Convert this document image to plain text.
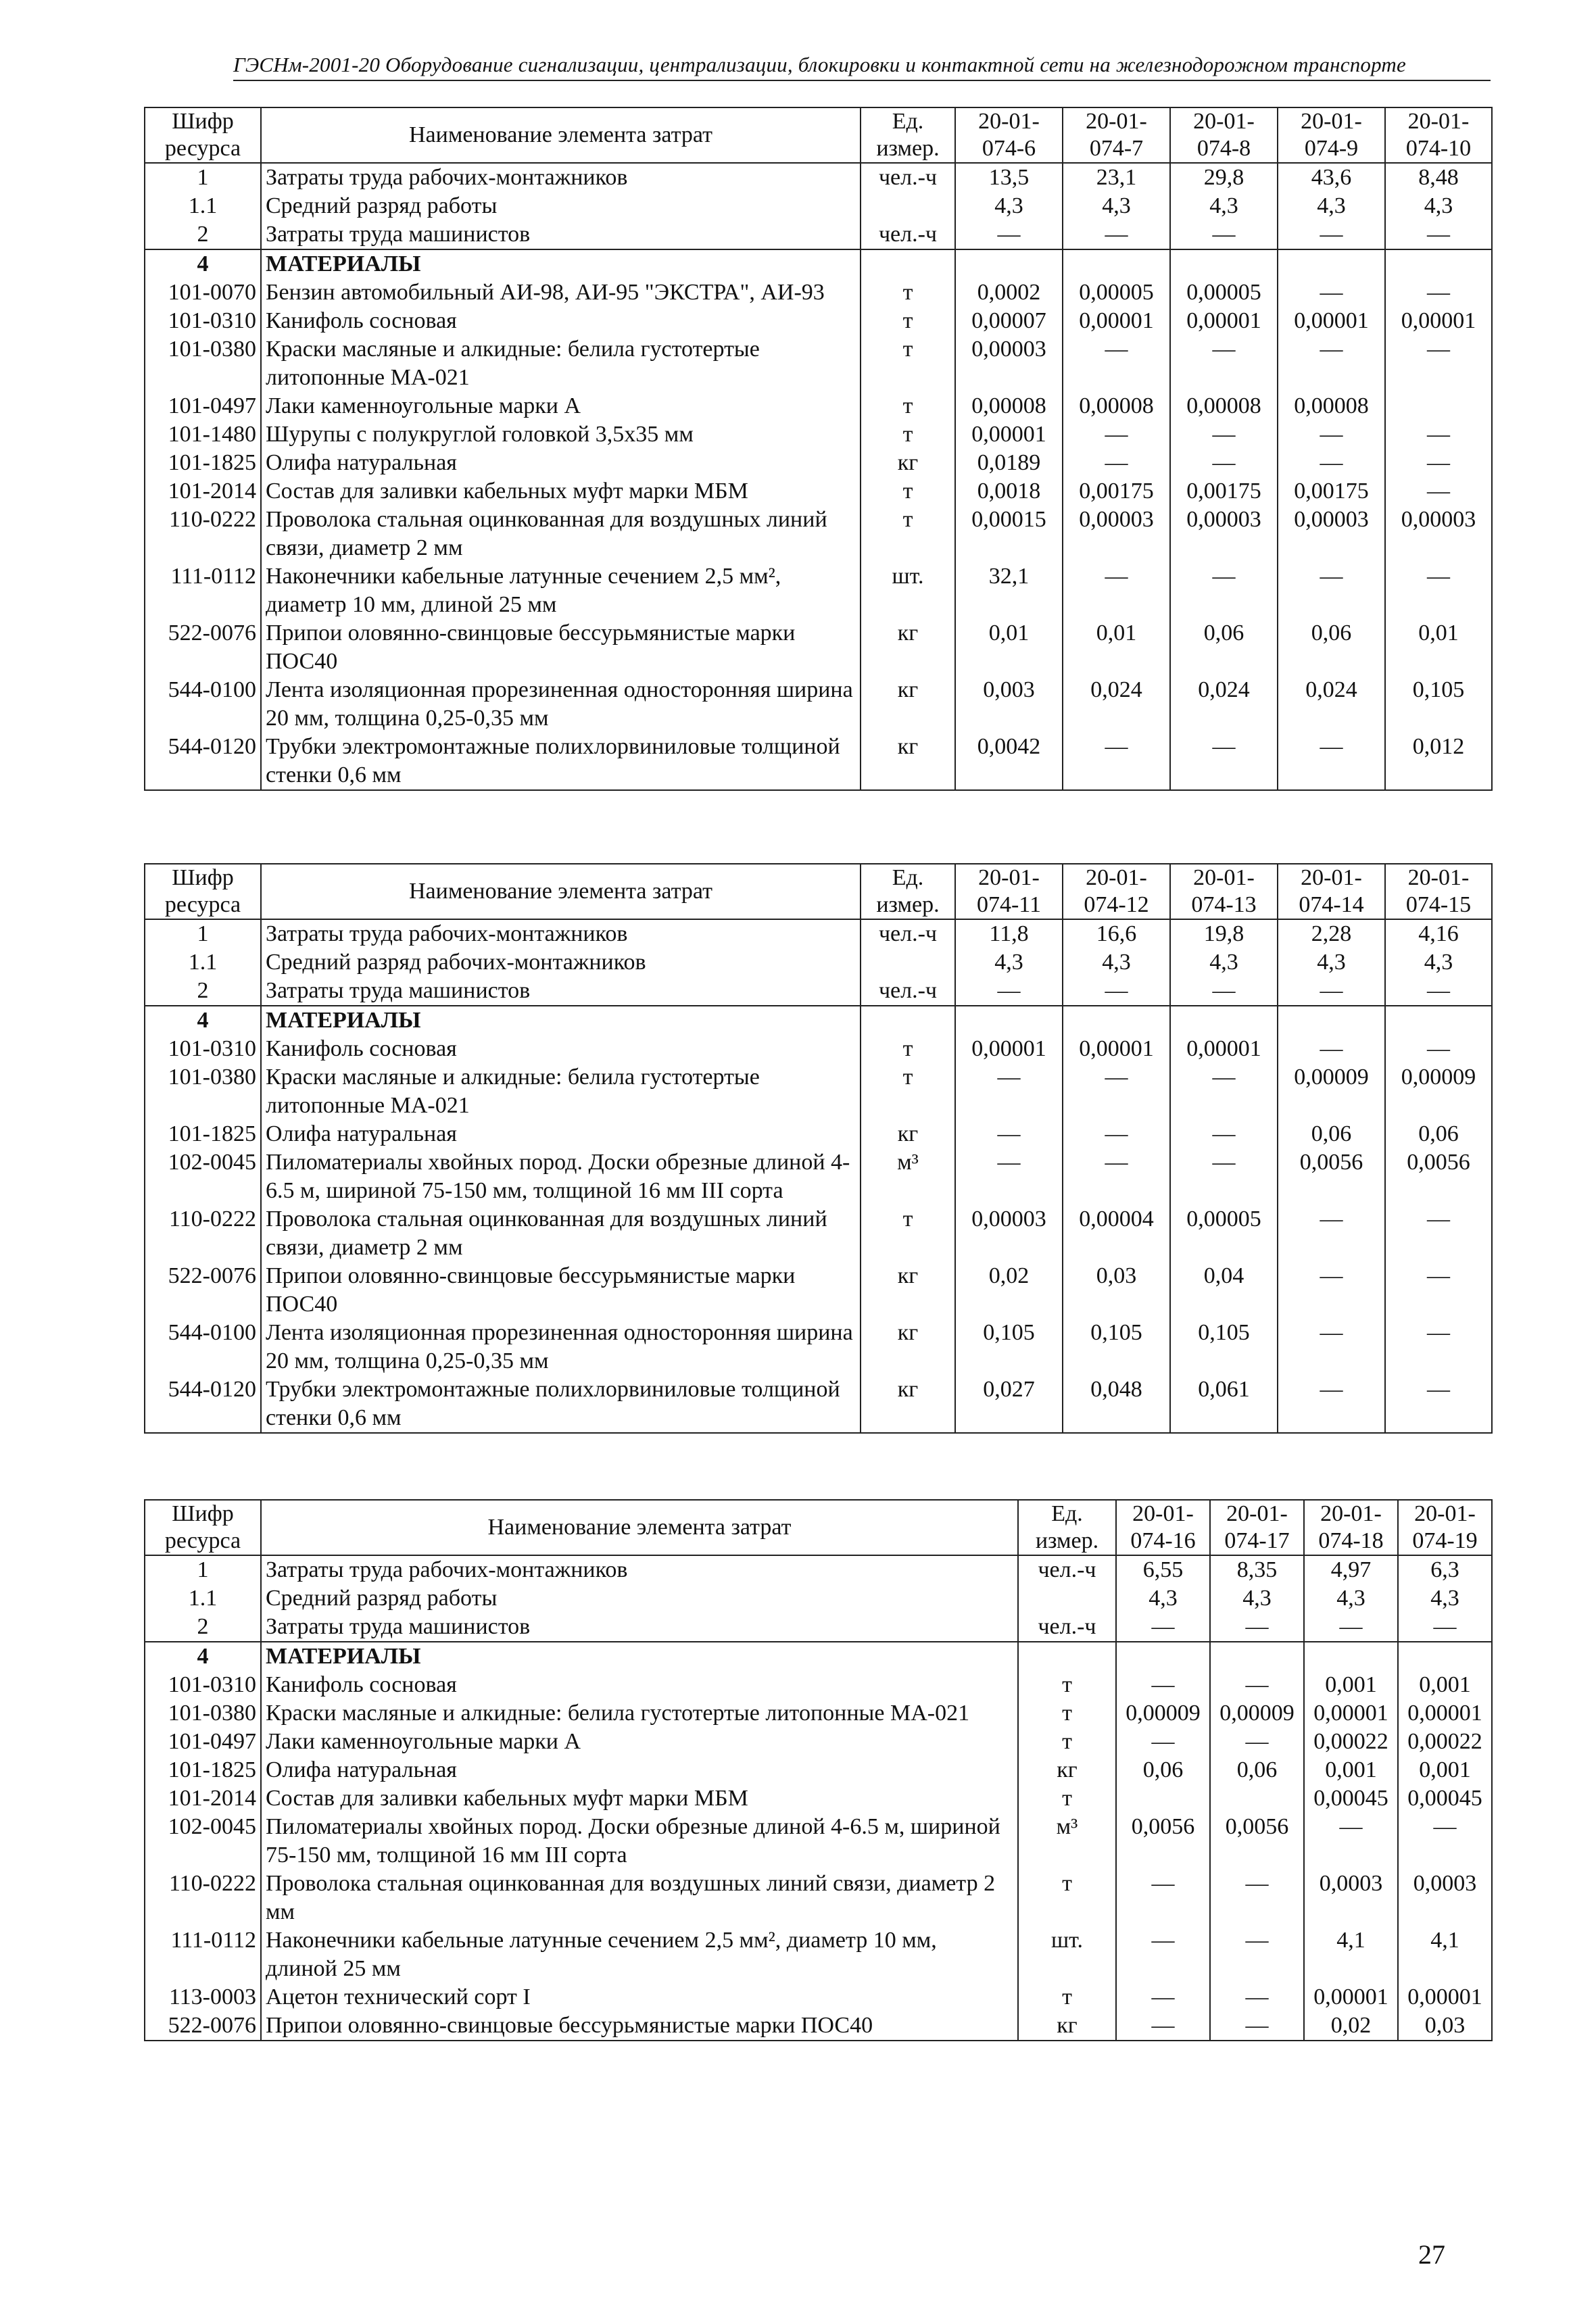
ГЭСНм-2001-20 Оборудование сигнализации, централизации, блокировки и контактной сети на железнодорожном транспорте
Шифр ресурса	Наименование элемента затрат	Ед. измер.	20-01-074-6	20-01-074-7	20-01-074-8	20-01-074-9	20-01-074-10
1	Затраты труда рабочих-монтажников	чел.-ч	13,5	23,1	29,8	43,6	8,48
1.1	Средний разряд работы		4,3	4,3	4,3	4,3	4,3
2	Затраты труда машинистов	чел.-ч	—	—	—	—	—
4	МАТЕРИАЛЫ						
101-0070	Бензин автомобильный АИ-98, АИ-95 "ЭКСТРА", АИ-93	т	0,0002	0,00005	0,00005	—	—
101-0310	Канифоль сосновая	т	0,00007	0,00001	0,00001	0,00001	0,00001
101-0380	Краски масляные и алкидные: белила густотертые литопонные МА-021	т	0,00003	—	—	—	—
101-0497	Лаки каменноугольные марки А	т	0,00008	0,00008	0,00008	0,00008	
101-1480	Шурупы с полукруглой головкой 3,5х35 мм	т	0,00001	—	—	—	—
101-1825	Олифа натуральная	кг	0,0189	—	—	—	—
101-2014	Состав для заливки кабельных муфт марки МБМ	т	0,0018	0,00175	0,00175	0,00175	—
110-0222	Проволока стальная оцинкованная для воздушных линий связи, диаметр 2 мм	т	0,00015	0,00003	0,00003	0,00003	0,00003
111-0112	Наконечники кабельные латунные сечением 2,5 мм², диаметр 10 мм, длиной 25 мм	шт.	32,1	—	—	—	—
522-0076	Припои оловянно-свинцовые бессурьмянистые марки ПОС40	кг	0,01	0,01	0,06	0,06	0,01
544-0100	Лента изоляционная прорезиненная односторонняя ширина 20 мм, толщина 0,25-0,35 мм	кг	0,003	0,024	0,024	0,024	0,105
544-0120	Трубки электромонтажные полихлорвиниловые толщиной стенки 0,6 мм	кг	0,0042	—	—	—	0,012
Шифр ресурса	Наименование элемента затрат	Ед. измер.	20-01-074-11	20-01-074-12	20-01-074-13	20-01-074-14	20-01-074-15
1	Затраты труда рабочих-монтажников	чел.-ч	11,8	16,6	19,8	2,28	4,16
1.1	Средний разряд рабочих-монтажников		4,3	4,3	4,3	4,3	4,3
2	Затраты труда машинистов	чел.-ч	—	—	—	—	—
4	МАТЕРИАЛЫ						
101-0310	Канифоль сосновая	т	0,00001	0,00001	0,00001	—	—
101-0380	Краски масляные и алкидные: белила густотертые литопонные МА-021	т	—	—	—	0,00009	0,00009
101-1825	Олифа натуральная	кг	—	—	—	0,06	0,06
102-0045	Пиломатериалы хвойных пород. Доски обрезные длиной 4-6.5 м, шириной 75-150 мм, толщиной 16 мм III сорта	м³	—	—	—	0,0056	0,0056
110-0222	Проволока стальная оцинкованная для воздушных линий связи, диаметр 2 мм	т	0,00003	0,00004	0,00005	—	—
522-0076	Припои оловянно-свинцовые бессурьмянистые марки ПОС40	кг	0,02	0,03	0,04	—	—
544-0100	Лента изоляционная прорезиненная односторонняя ширина 20 мм, толщина 0,25-0,35 мм	кг	0,105	0,105	0,105	—	—
544-0120	Трубки электромонтажные полихлорвиниловые толщиной стенки 0,6 мм	кг	0,027	0,048	0,061	—	—
Шифр ресурса	Наименование элемента затрат	Ед. измер.	20-01-074-16	20-01-074-17	20-01-074-18	20-01-074-19
1	Затраты труда рабочих-монтажников	чел.-ч	6,55	8,35	4,97	6,3
1.1	Средний разряд работы		4,3	4,3	4,3	4,3
2	Затраты труда машинистов	чел.-ч	—	—	—	—
4	МАТЕРИАЛЫ					
101-0310	Канифоль сосновая	т	—	—	0,001	0,001
101-0380	Краски масляные и алкидные: белила густотертые литопонные МА-021	т	0,00009	0,00009	0,00001	0,00001
101-0497	Лаки каменноугольные марки А	т	—	—	0,00022	0,00022
101-1825	Олифа натуральная	кг	0,06	0,06	0,001	0,001
101-2014	Состав для заливки кабельных муфт марки МБМ	т			0,00045	0,00045
102-0045	Пиломатериалы хвойных пород. Доски обрезные длиной 4-6.5 м, шириной 75-150 мм, толщиной 16 мм III сорта	м³	0,0056	0,0056	—	—
110-0222	Проволока стальная оцинкованная для воздушных линий связи, диаметр 2 мм	т	—	—	0,0003	0,0003
111-0112	Наконечники кабельные латунные сечением 2,5 мм², диаметр 10 мм, длиной 25 мм	шт.	—	—	4,1	4,1
113-0003	Ацетон технический сорт I	т	—	—	0,00001	0,00001
522-0076	Припои оловянно-свинцовые бессурьмянистые марки ПОС40	кг	—	—	0,02	0,03
27
